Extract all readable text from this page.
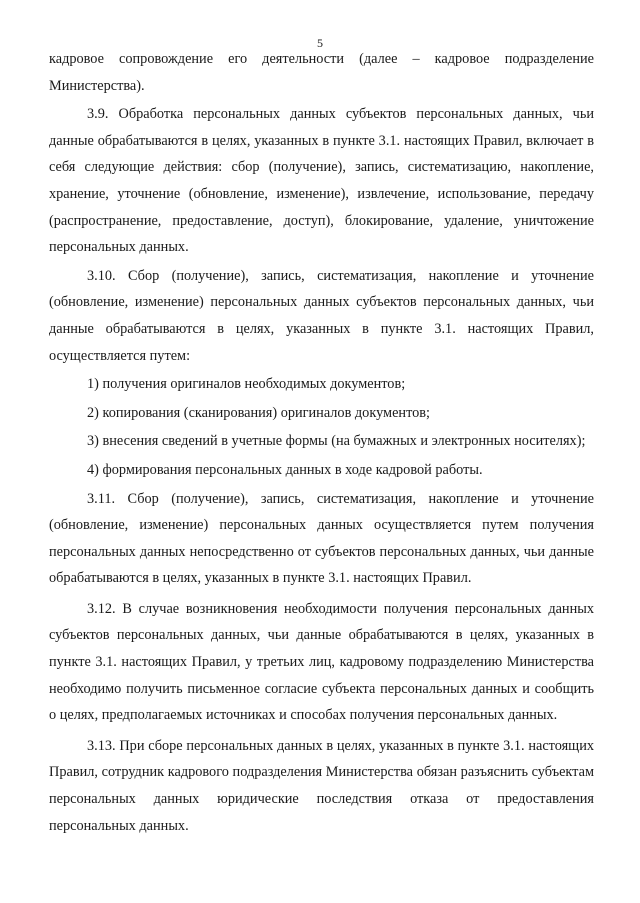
5

кадровое сопровождение его деятельности (далее – кадровое подразделение Министерства).

3.9. Обработка персональных данных субъектов персональных данных, чьи данные обрабатываются в целях, указанных в пункте 3.1. настоящих Правил, включает в себя следующие действия: сбор (получение), запись, систематизацию, накопление, хранение, уточнение (обновление, изменение), извлечение, использование, передачу (распространение, предоставление, доступ), блокирование, удаление, уничтожение персональных данных.

3.10. Сбор (получение), запись, систематизация, накопление и уточнение (обновление, изменение) персональных данных субъектов персональных данных, чьи данные обрабатываются в целях, указанных в пункте 3.1. настоящих Правил, осуществляется путем:

1) получения оригиналов необходимых документов;

2) копирования (сканирования) оригиналов документов;

3) внесения сведений в учетные формы (на бумажных и электронных носителях);

4) формирования персональных данных в ходе кадровой работы.

3.11. Сбор (получение), запись, систематизация, накопление и уточнение (обновление, изменение) персональных данных осуществляется путем получения персональных данных непосредственно от субъектов персональных данных, чьи данные обрабатываются в целях, указанных в пункте 3.1. настоящих Правил.

3.12. В случае возникновения необходимости получения персональных данных субъектов персональных данных, чьи данные обрабатываются в целях, указанных в пункте 3.1. настоящих Правил, у третьих лиц, кадровому подразделению Министерства необходимо получить письменное согласие субъекта персональных данных и сообщить о целях, предполагаемых источниках и способах получения персональных данных.

3.13. При сборе персональных данных в целях, указанных в пункте 3.1. настоящих Правил, сотрудник кадрового подразделения Министерства обязан разъяснить субъектам персональных данных юридические последствия отказа от предоставления персональных данных.
